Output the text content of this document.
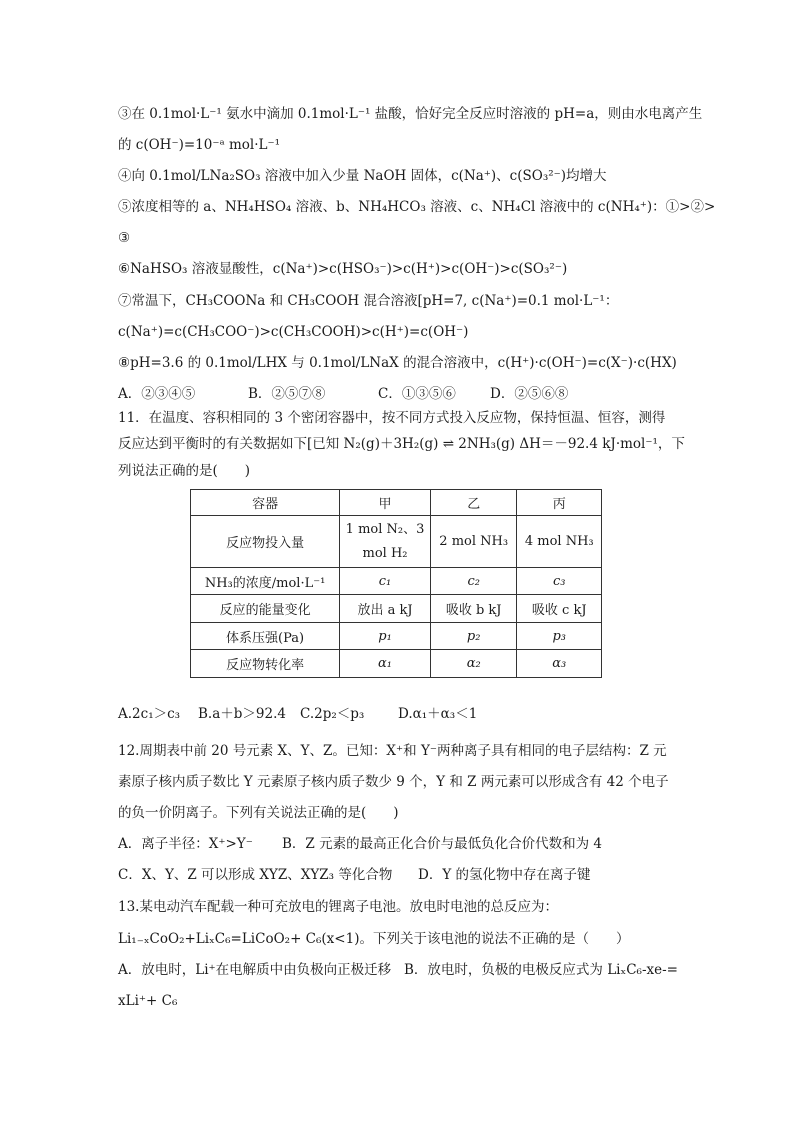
③在 0.1mol·L⁻¹ 氨水中滴加 0.1mol·L⁻¹ 盐酸，恰好完全反应时溶液的 pH=a，则由水电离产生
的 c(OH⁻)=10⁻ᵃ mol·L⁻¹
④向 0.1mol/LNa₂SO₃ 溶液中加入少量 NaOH 固体，c(Na⁺)、c(SO₃²⁻)均增大
⑤浓度相等的 a、NH₄HSO₄ 溶液、b、NH₄HCO₃ 溶液、c、NH₄Cl 溶液中的 c(NH₄⁺)：①>②>
③
⑥NaHSO₃ 溶液显酸性，c(Na⁺)>c(HSO₃⁻)>c(H⁺)>c(OH⁻)>c(SO₃²⁻)
⑦常温下，CH₃COONa 和 CH₃COOH 混合溶液[pH=7, c(Na⁺)=0.1 mol·L⁻¹：
c(Na⁺)=c(CH₃COO⁻)>c(CH₃COOH)>c(H⁺)=c(OH⁻)
⑧pH=3.6 的 0.1mol/LHX 与 0.1mol/LNaX 的混合溶液中，c(H⁺)·c(OH⁻)=c(X⁻)·c(HX)
A．②③④⑤	B．②⑤⑦⑧	C．①③⑤⑥	D．②⑤⑥⑧
11．在温度、容积相同的 3 个密闭容器中，按不同方式投入反应物，保持恒温、恒容，测得
反应达到平衡时的有关数据如下[已知 N₂(g)＋3H₂(g) ⇌ 2NH₃(g) ΔH＝－92.4 kJ·mol⁻¹，下
列说法正确的是(　　)
容器	甲	乙	丙
反应物投入量	1 mol N₂、3 mol H₂	2 mol NH₃	4 mol NH₃
NH₃的浓度/mol·L⁻¹	c₁	c₂	c₃
反应的能量变化	放出 a kJ	吸收 b kJ	吸收 c kJ
体系压强(Pa)	p₁	p₂	p₃
反应物转化率	α₁	α₂	α₃
A.2c₁＞c₃	B.a＋b＞92.4	C.2p₂＜p₃	D.α₁＋α₃＜1
12.周期表中前 20 号元素 X、Y、Z。已知：X⁺和 Y⁻两种离子具有相同的电子层结构：Z 元
素原子核内质子数比 Y 元素原子核内质子数少 9 个，Y 和 Z 两元素可以形成含有 42 个电子
的负一价阴离子。下列有关说法正确的是(　　)
A．离子半径：X⁺>Y⁻	B．Z 元素的最高正化合价与最低负化合价代数和为 4
C．X、Y、Z 可以形成 XYZ、XYZ₃ 等化合物	D．Y 的氢化物中存在离子键
13.某电动汽车配载一种可充放电的锂离子电池。放电时电池的总反应为：
Li₁₋ₓCoO₂+LiₓC₆=LiCoO₂+ C₆(x<1)。下列关于该电池的说法不正确的是（　　）
A．放电时，Li⁺在电解质中由负极向正极迁移 B．放电时，负极的电极反应式为 LiₓC₆-xe-=
xLi⁺+ C₆
